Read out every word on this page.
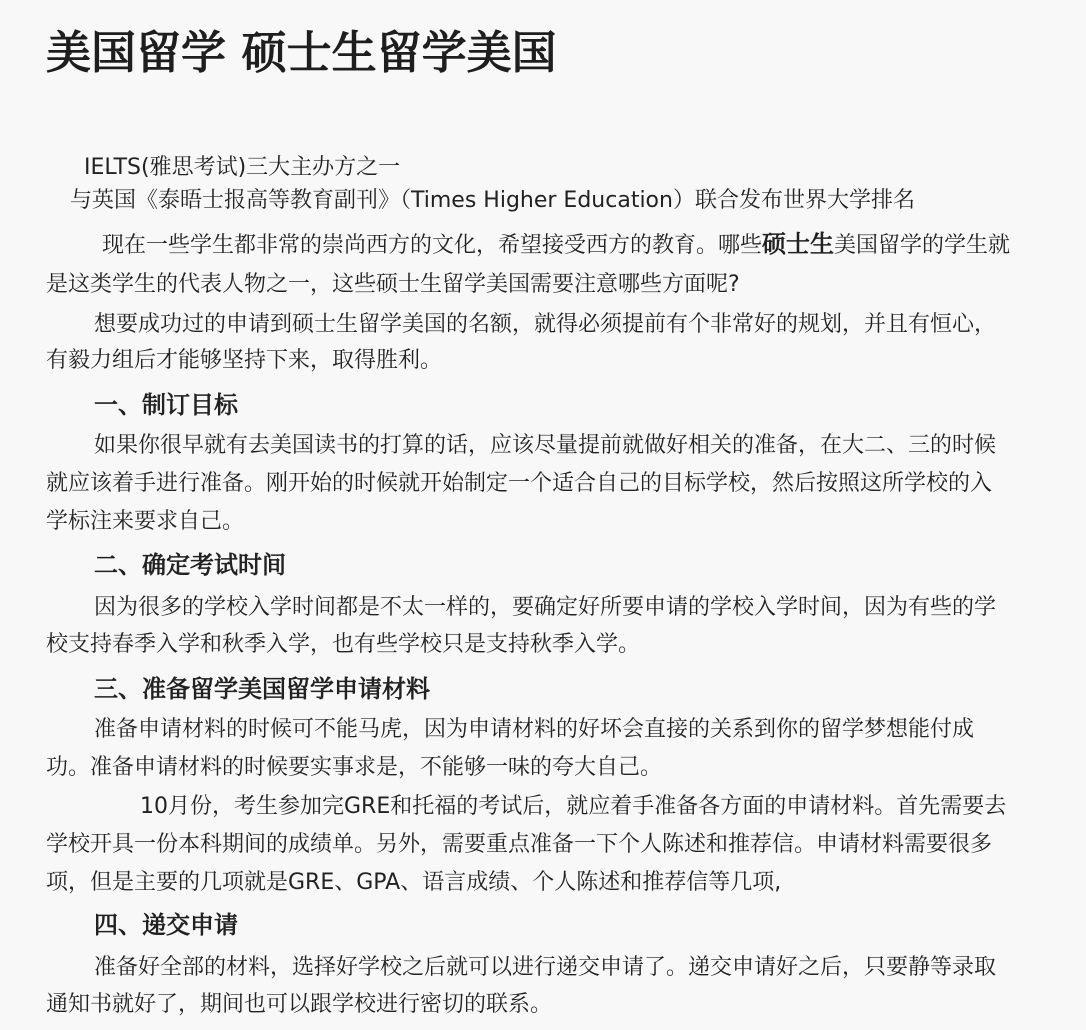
美国留学 硕士生留学美国

IELTS(雅思考试)三大主办方之一

与英国《泰晤士报高等教育副刊》（Times Higher Education）联合发布世界大学排名

现在一些学生都非常的崇尚西方的文化，希望接受西方的教育。哪些硕士生美国留学的学生就

是这类学生的代表人物之一，这些硕士生留学美国需要注意哪些方面呢?

想要成功过的申请到硕士生留学美国的名额，就得必须提前有个非常好的规划，并且有恒心，

有毅力组后才能够坚持下来，取得胜利。

一、制订目标

如果你很早就有去美国读书的打算的话，应该尽量提前就做好相关的准备，在大二、三的时候

就应该着手进行准备。刚开始的时候就开始制定一个适合自己的目标学校，然后按照这所学校的入

学标注来要求自己。

二、确定考试时间

因为很多的学校入学时间都是不太一样的，要确定好所要申请的学校入学时间，因为有些的学

校支持春季入学和秋季入学，也有些学校只是支持秋季入学。

三、准备留学美国留学申请材料

准备申请材料的时候可不能马虎，因为申请材料的好坏会直接的关系到你的留学梦想能付成

功。准备申请材料的时候要实事求是，不能够一味的夸大自己。

10月份，考生参加完GRE和托福的考试后，就应着手准备各方面的申请材料。首先需要去

学校开具一份本科期间的成绩单。另外，需要重点准备一下个人陈述和推荐信。申请材料需要很多

项，但是主要的几项就是GRE、GPA、语言成绩、个人陈述和推荐信等几项,

四、递交申请

准备好全部的材料，选择好学校之后就可以进行递交申请了。递交申请好之后，只要静等录取

通知书就好了，期间也可以跟学校进行密切的联系。
